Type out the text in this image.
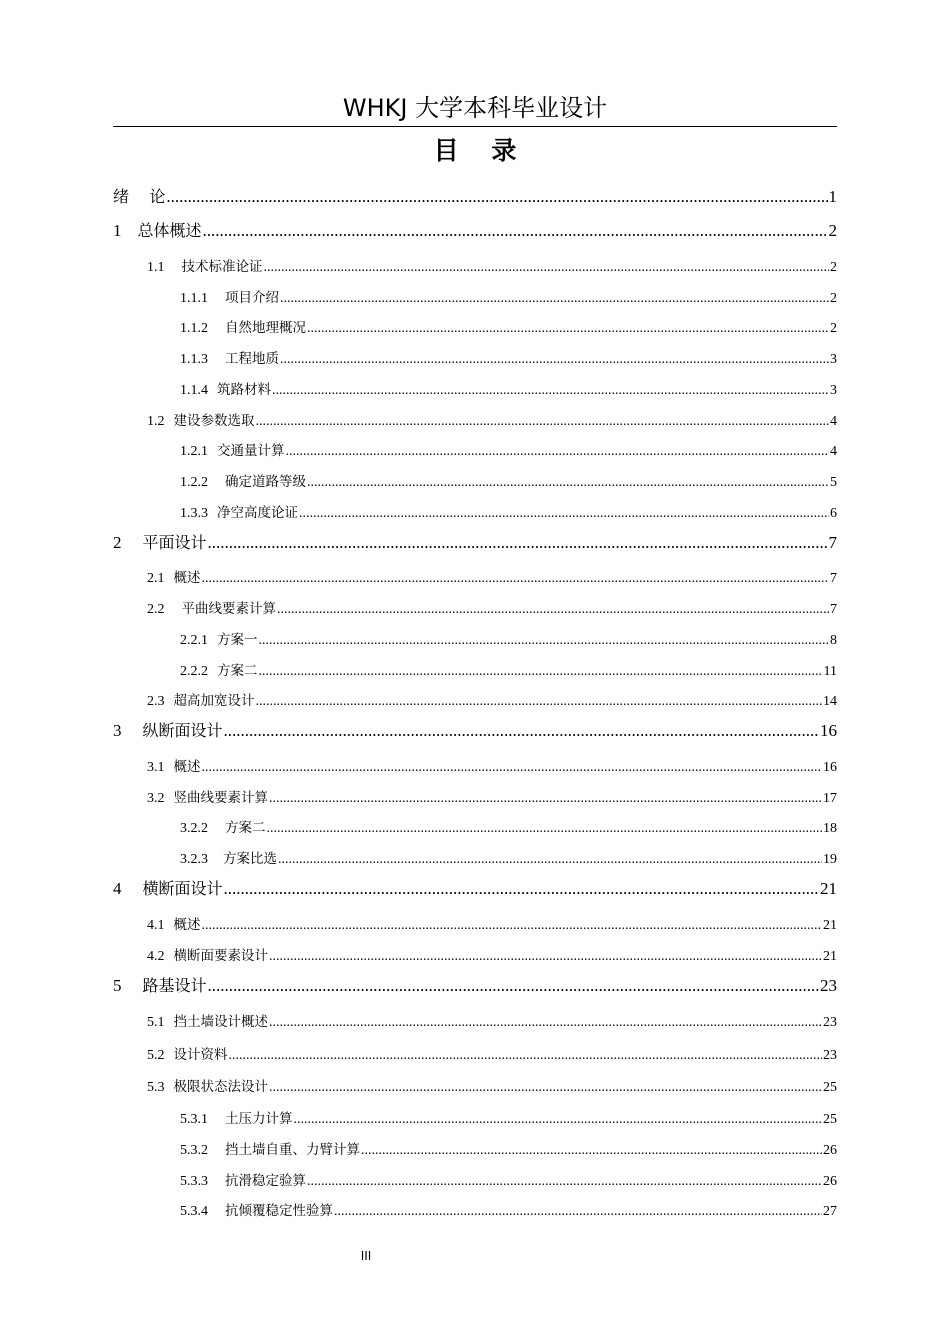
WHKJ 大学本科毕业设计
目 录
绪    论 .....	1
1 总体概述 .....	2
1.1 技术标准论证 .....	2
1.1.1 项目介绍 .....	2
1.1.2 自然地理概况 .....	2
1.1.3 工程地质 .....	3
1.1.4 筑路材料 .....	3
1.2 建设参数选取 .....	4
1.2.1 交通量计算 .....	4
1.2.2 确定道路等级 .....	5
1.3.3 净空高度论证 .....	6
2 平面设计 .....	7
2.1 概述 .....	7
2.2 平曲线要素计算 .....	7
2.2.1 方案一 .....	8
2.2.2 方案二 .....	11
2.3 超高加宽设计 .....	14
3 纵断面设计 .....	16
3.1 概述 .....	16
3.2 竖曲线要素计算 .....	17
3.2.2 方案二 .....	18
3.2.3 方案比选 .....	19
4 横断面设计 .....	21
4.1 概述 .....	21
4.2 横断面要素设计 .....	21
5 路基设计 .....	23
5.1 挡土墙设计概述 .....	23
5.2 设计资料 .....	23
5.3 极限状态法设计 .....	25
5.3.1 土压力计算 .....	25
5.3.2 挡土墙自重、力臂计算 .....	26
5.3.3 抗滑稳定验算 .....	26
5.3.4 抗倾覆稳定性验算 .....	27
III
